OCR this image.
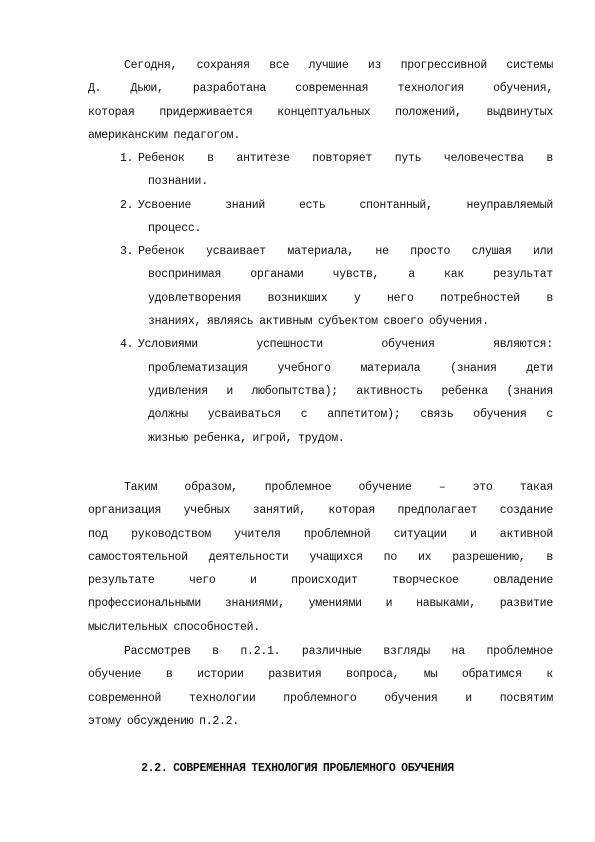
Сегодня, сохраняя все лучшие из прогрессивной системы
Д. Дьюи, разработана современная технология обучения,
которая придерживается концептуальных положений, выдвинутых
американским педагогом.
1. Ребенок в антитезе повторяет путь человечества в
познании.
2. Усвоение знаний есть спонтанный, неуправляемый
процесс.
3. Ребенок усваивает материала, не просто слушая или
воспринимая органами чувств, а как результат
удовлетворения возникших у него потребностей в
знаниях, являясь активным субъектом своего обучения.
4. Условиями успешности обучения являются:
проблематизация учебного материала (знания дети
удивления и любопытства); активность ребенка (знания
должны усваиваться с аппетитом); связь обучения с
жизнью ребенка, игрой, трудом.
Таким образом, проблемное обучение – это такая
организация учебных занятий, которая предполагает создание
под руководством учителя проблемной ситуации и активной
самостоятельной деятельности учащихся по их разрешению, в
результате чего и происходит творческое овладение
профессиональными знаниями, умениями и навыками, развитие
мыслительных способностей.
Рассмотрев в п.2.1. различные взгляды на проблемное
обучение в истории развития вопроса, мы обратимся к
современной технологии проблемного обучения и посвятим
этому обсуждению п.2.2.
2.2. СОВРЕМЕННАЯ ТЕХНОЛОГИЯ ПРОБЛЕМНОГО ОБУЧЕНИЯ
